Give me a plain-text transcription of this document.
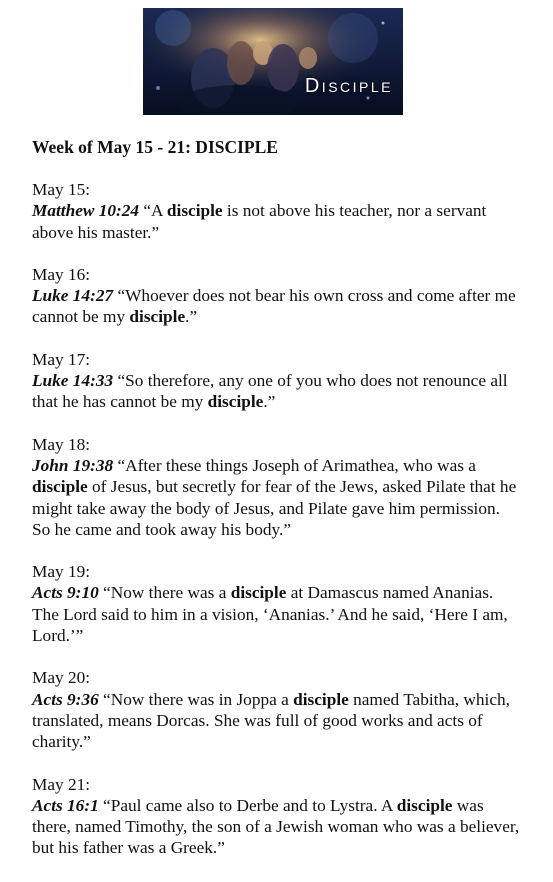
Disciple
Week of May 15 - 21: DISCIPLE
May 15:
Matthew 10:24 “A disciple is not above his teacher, nor a servant above his master.”
May 16:
Luke 14:27 “Whoever does not bear his own cross and come after me cannot be my disciple.”
May 17:
Luke 14:33 “So therefore, any one of you who does not renounce all that he has cannot be my disciple.”
May 18:
John 19:38 “After these things Joseph of Arimathea, who was a disciple of Jesus, but secretly for fear of the Jews, asked Pilate that he might take away the body of Jesus, and Pilate gave him permission. So he came and took away his body.”
May 19:
Acts 9:10 “Now there was a disciple at Damascus named Ananias. The Lord said to him in a vision, ‘Ananias.’ And he said, ‘Here I am, Lord.’”
May 20:
Acts 9:36 “Now there was in Joppa a disciple named Tabitha, which, translated, means Dorcas. She was full of good works and acts of charity.”
May 21:
Acts 16:1 “Paul came also to Derbe and to Lystra. A disciple was there, named Timothy, the son of a Jewish woman who was a believer, but his father was a Greek.”
